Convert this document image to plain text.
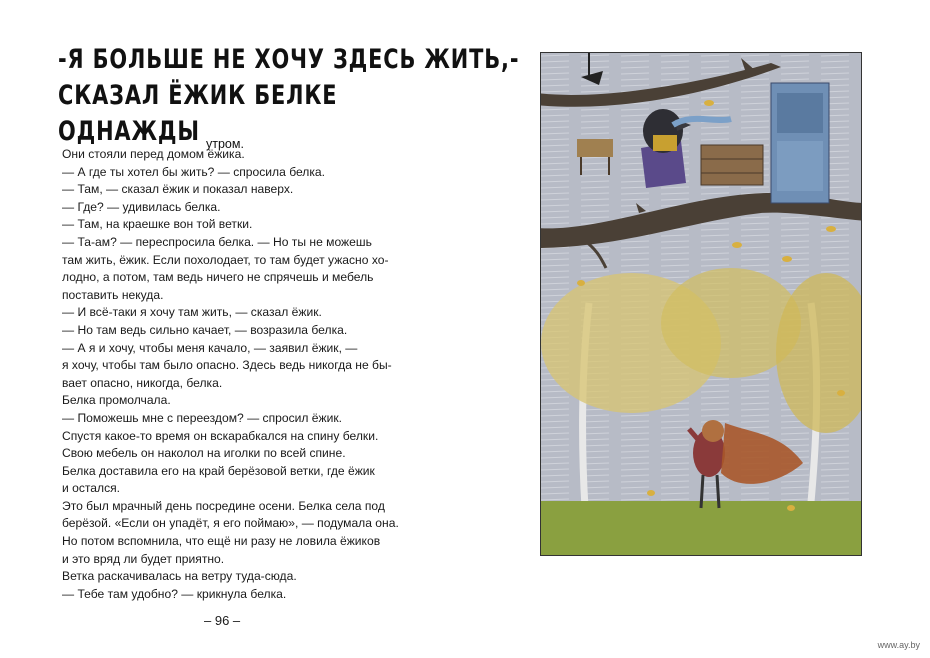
-Я БОЛЬШЕ НЕ ХОЧУ ЗДЕСЬ ЖИТЬ,-
СКАЗАЛ ЁЖИК БЕЛКЕ
ОДНАЖДЫ утром.
Они стояли перед домом ёжика.
— А где ты хотел бы жить? — спросила белка.
— Там, — сказал ёжик и показал наверх.
— Где? — удивилась белка.
— Там, на краешке вон той ветки.
— Та-ам? — переспросила белка. — Но ты не можешь
там жить, ёжик. Если похолодает, то там будет ужасно хо-
лодно, а потом, там ведь ничего не спрячешь и мебель
поставить некуда.
— И всё-таки я хочу там жить, — сказал ёжик.
— Но там ведь сильно качает, — возразила белка.
— А я и хочу, чтобы меня качало, — заявил ёжик, —
я хочу, чтобы там было опасно. Здесь ведь никогда не бы-
вает опасно, никогда, белка.
Белка промолчала.
— Поможешь мне с переездом? — спросил ёжик.
Спустя какое-то время он вскарабкался на спину белки.
Свою мебель он наколол на иголки по всей спине.
Белка доставила его на край берёзовой ветки, где ёжик
и остался.
Это был мрачный день посредине осени. Белка села под
берёзой. «Если он упадёт, я его поймаю», — подумала она.
Но потом вспомнила, что ещё ни разу не ловила ёжиков
и это вряд ли будет приятно.
Ветка раскачивалась на ветру туда-сюда.
— Тебе там удобно? — крикнула белка.
– 96 –
www.ay.by
